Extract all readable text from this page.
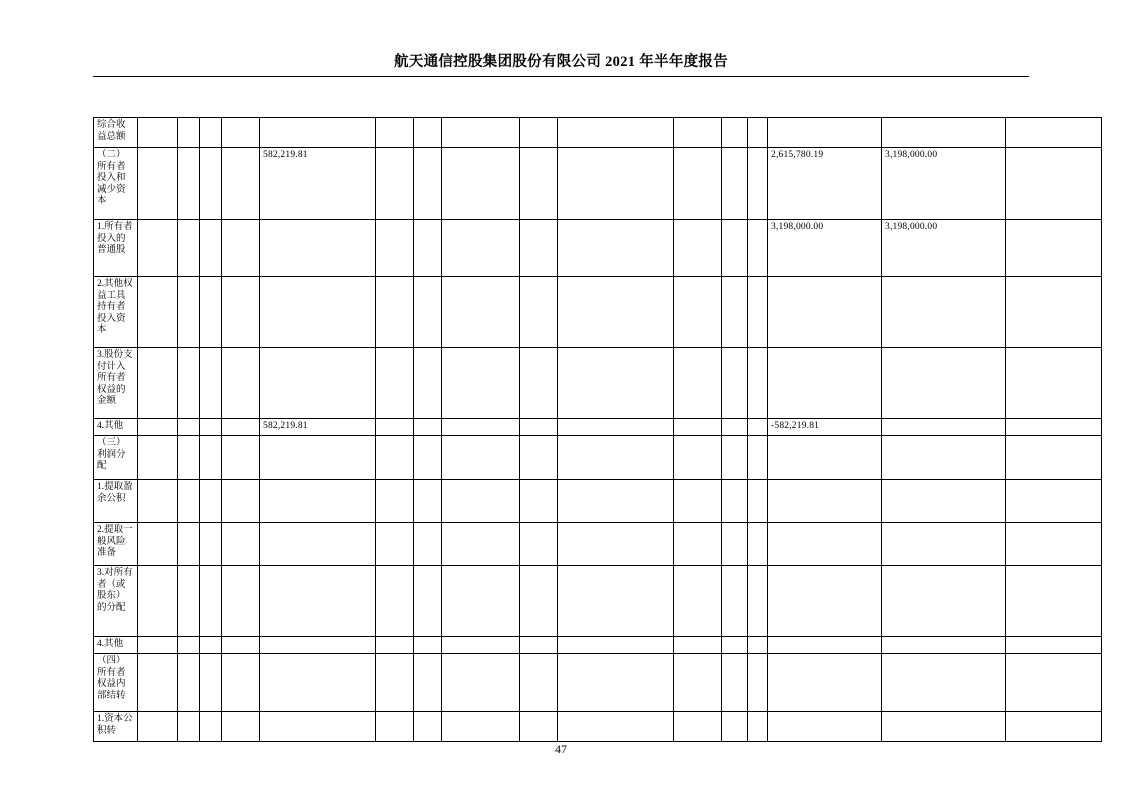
航天通信控股集团股份有限公司 2021 年半年度报告
综合收益总额																
（二）所有者投入和减少资本					582,219.81									2,615,780.19	3,198,000.00	
1.所有者投入的普通股														3,198,000.00	3,198,000.00	
2.其他权益工具持有者投入资本																
3.股份支付计入所有者权益的金额																
4.其他					582,219.81									-582,219.81		
（三）利润分配																
1.提取盈余公积																
2.提取一般风险准备																
3.对所有者（或股东）的分配																
4.其他																
（四）所有者权益内部结转																
1.资本公积转																
47
